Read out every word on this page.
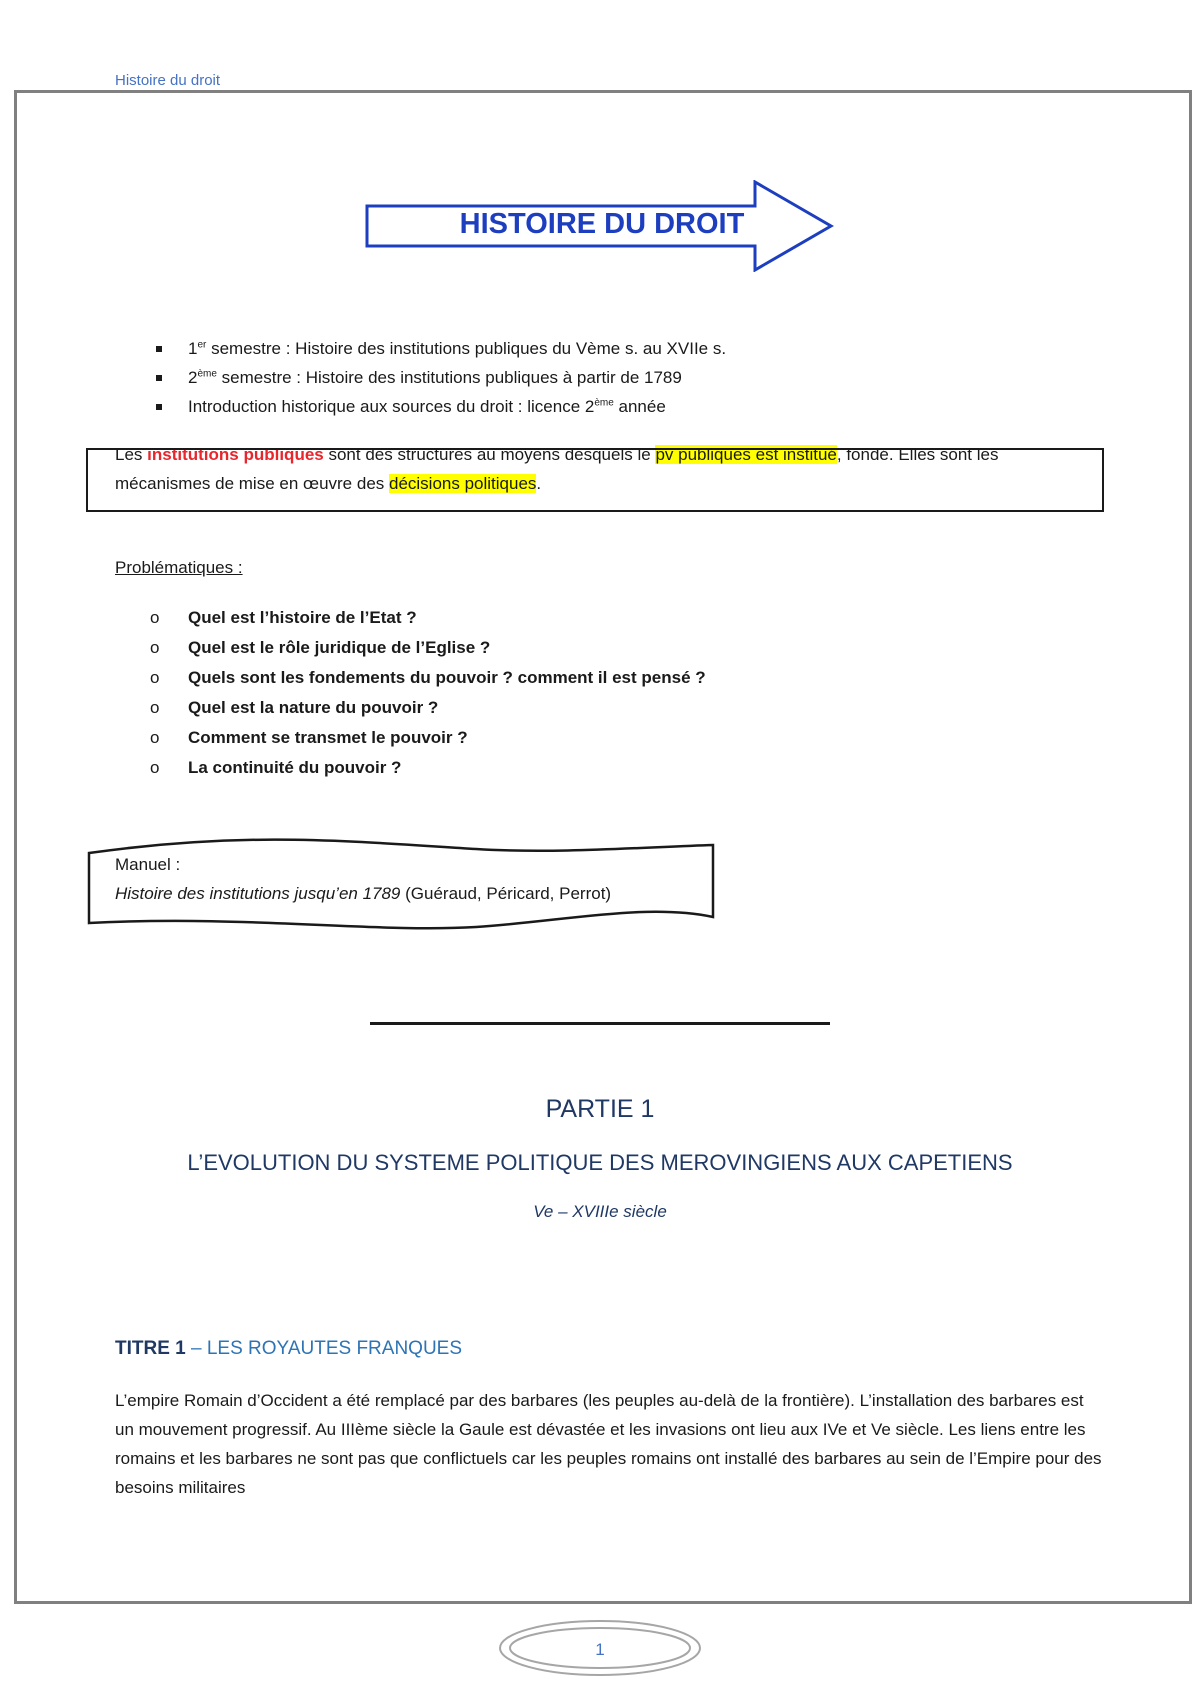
Histoire du droit
HISTOIRE DU DROIT
1er semestre : Histoire des institutions publiques du Vème s. au XVIIe s.
2ème semestre : Histoire des institutions publiques à partir de 1789
Introduction historique aux sources du droit : licence 2ème année
Les institutions publiques sont des structures au moyens desquels le pv publiques est institué, fondé. Elles sont les mécanismes de mise en œuvre des décisions politiques.
Problématiques :
o Quel est l’histoire de l’Etat ?
o Quel est le rôle juridique de l’Eglise ?
o Quels sont les fondements du pouvoir ? comment il est pensé ?
o Quel est la nature du pouvoir ?
o Comment se transmet le pouvoir ?
o La continuité du pouvoir ?
Manuel :
Histoire des institutions jusqu’en 1789 (Guéraud, Péricard, Perrot)
PARTIE 1
L’EVOLUTION DU SYSTEME POLITIQUE DES MEROVINGIENS AUX CAPETIENS
Ve – XVIIIe siècle
TITRE 1 – LES ROYAUTES FRANQUES
L’empire Romain d’Occident a été remplacé par des barbares (les peuples au-delà de la frontière). L’installation des barbares est un mouvement progressif. Au IIIème siècle la Gaule est dévastée et les invasions ont lieu aux IVe et Ve siècle. Les liens entre les romains et les barbares ne sont pas que conflictuels car les peuples romains ont installé des barbares au sein de l’Empire pour des besoins militaires
1
